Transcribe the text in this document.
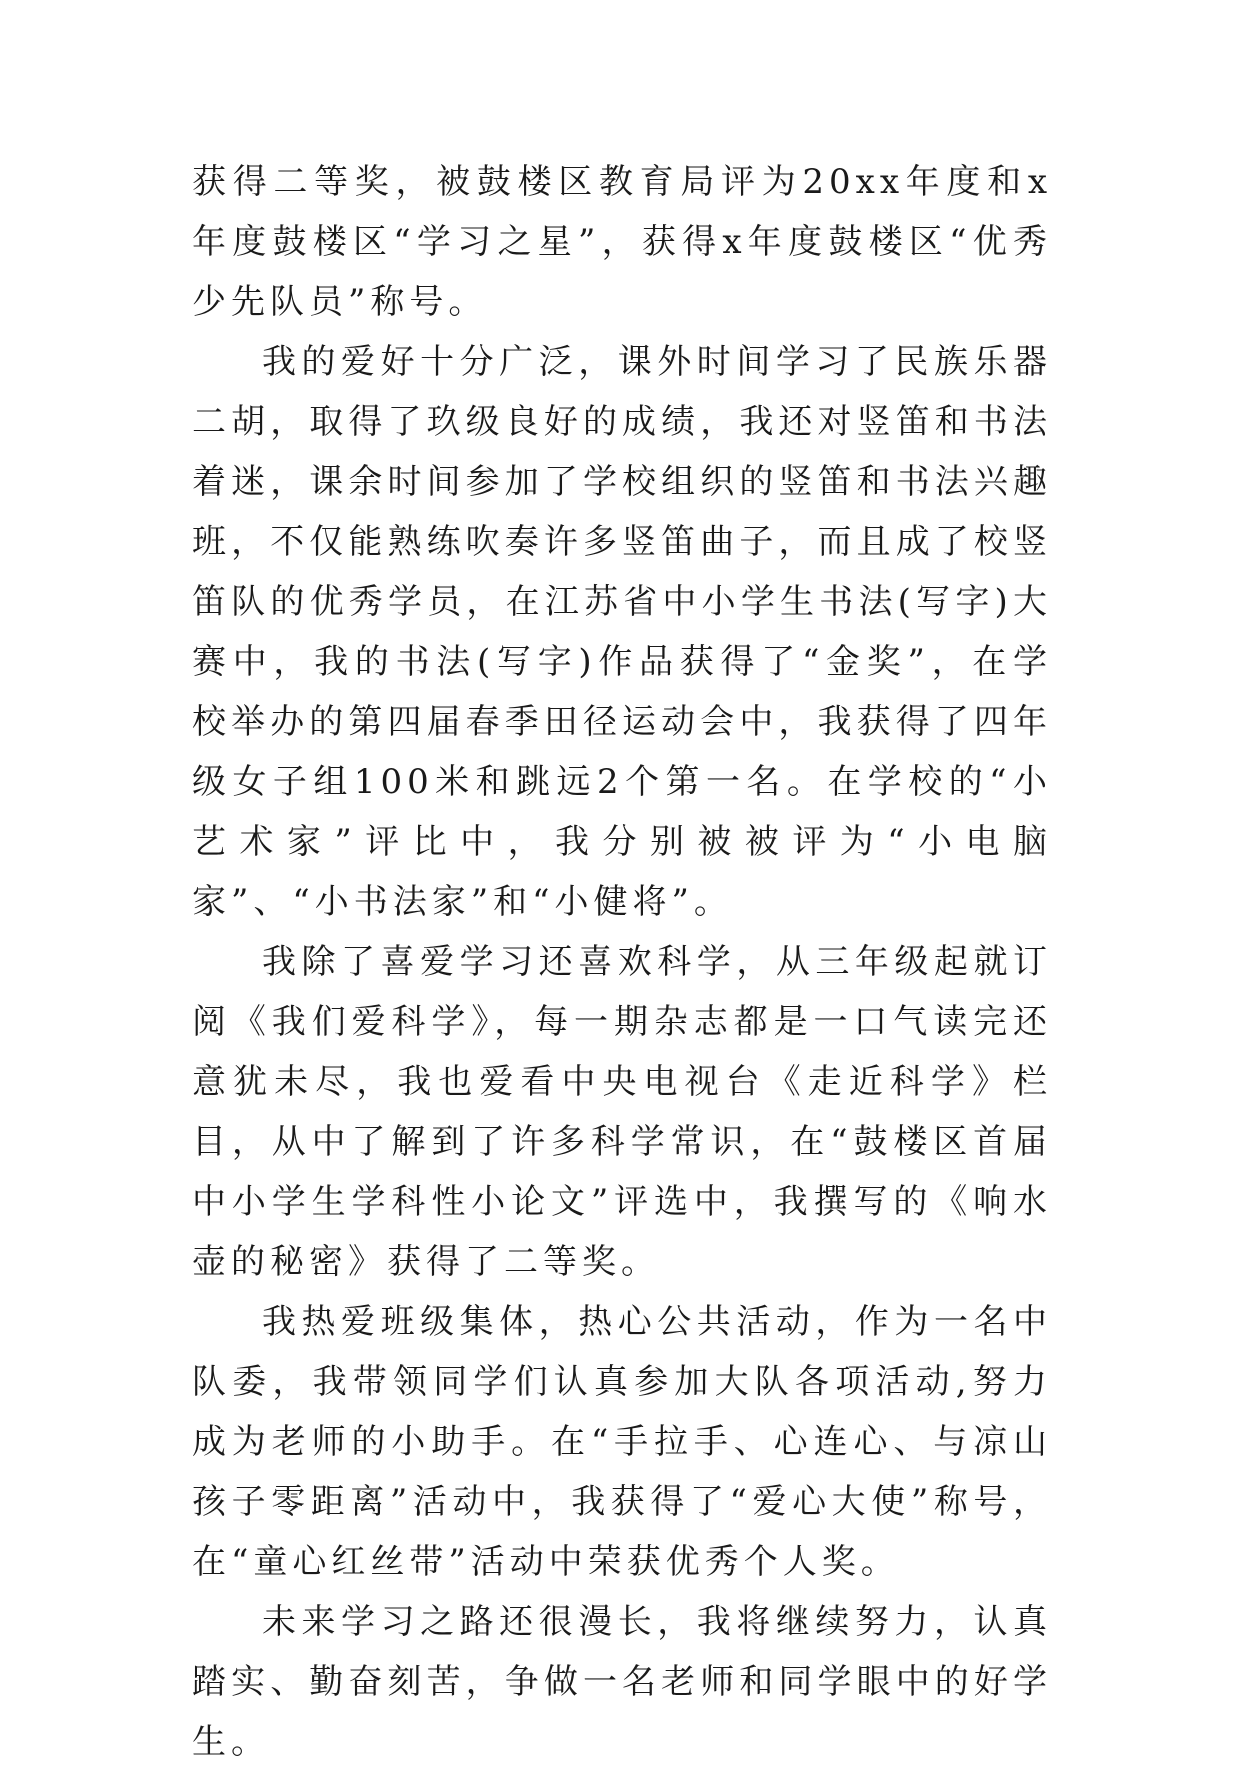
获得二等奖，被鼓楼区教育局评为20xx年度和x年度鼓楼区“学习之星”，获得x年度鼓楼区“优秀少先队员”称号。

我的爱好十分广泛，课外时间学习了民族乐器二胡，取得了玖级良好的成绩，我还对竖笛和书法着迷，课余时间参加了学校组织的竖笛和书法兴趣班，不仅能熟练吹奏许多竖笛曲子，而且成了校竖笛队的优秀学员，在江苏省中小学生书法(写字)大赛中，我的书法(写字)作品获得了“金奖”，在学校举办的第四届春季田径运动会中，我获得了四年级女子组100米和跳远2个第一名。在学校的“小艺术家”评比中，我分别被被评为“小电脑家”、“小书法家”和“小健将”。

我除了喜爱学习还喜欢科学，从三年级起就订阅《我们爱科学》，每一期杂志都是一口气读完还意犹未尽，我也爱看中央电视台《走近科学》栏目，从中了解到了许多科学常识，在“鼓楼区首届中小学生学科性小论文”评选中，我撰写的《响水壶的秘密》获得了二等奖。

我热爱班级集体，热心公共活动，作为一名中队委，我带领同学们认真参加大队各项活动,努力成为老师的小助手。在“手拉手、心连心、与凉山孩子零距离”活动中，我获得了“爱心大使”称号，在“童心红丝带”活动中荣获优秀个人奖。

未来学习之路还很漫长，我将继续努力，认真踏实、勤奋刻苦，争做一名老师和同学眼中的好学生。
